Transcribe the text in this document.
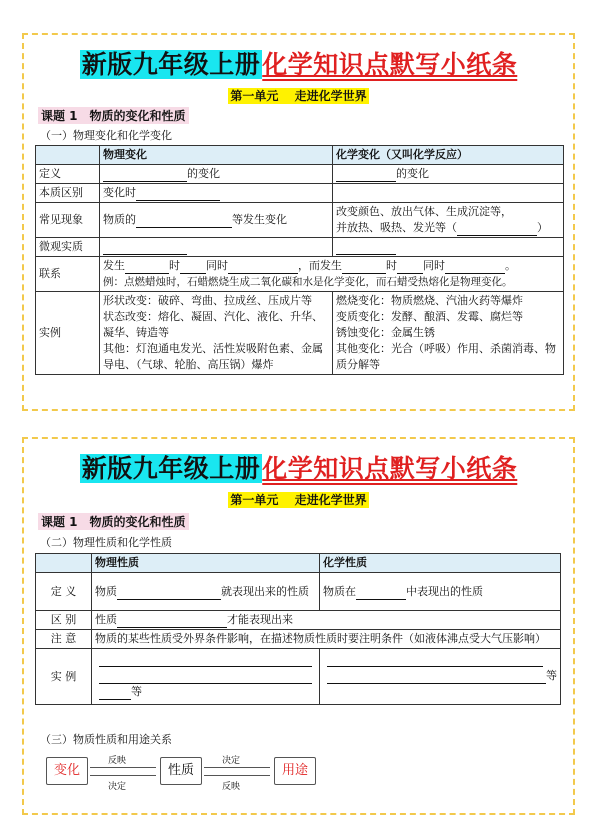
新版九年级上册化学知识点默写小纸条
第一单元　 走进化学世界
课题 1　物质的变化和性质
（一）物理变化和化学变化
	物理变化	化学变化（又叫化学反应）
定义	的变化	的变化
本质区别	变化时	
常见现象	物质的 等发生变化	改变颜色、放出气体、生成沉淀等，
并放热、吸热、发光等（ ）

微观实质		
联系	发生 时 同时 ，而发生 时 同时 。
例：点燃蜡烛时，石蜡燃烧生成二氧化碳和水是化学变化，而石蜡受热熔化是物理变化。	

实例	形状改变：破碎、弯曲、拉成丝、压成片等
状态改变：熔化、凝固、汽化、液化、升华、凝华、铸造等
其他：灯泡通电发光、活性炭吸附色素、金属导电、（气球、轮胎、高压锅）爆炸	燃烧变化：物质燃烧、汽油火药等爆炸
变质变化：发酵、酿酒、发霉、腐烂等
锈蚀变化：金属生锈
其他变化：光合（呼吸）作用、杀菌消毒、物质分解等
新版九年级上册化学知识点默写小纸条
第一单元　 走进化学世界
课题 1　物质的变化和性质
（二）物理性质和化学性质
	物理性质	化学性质
定 义	物质 就表现出来的性质	物质在 中表现出的性质
区 别	性质 才能表现出来	
注 意	物质的某些性质受外界条件影响，在描述物质性质时要注明条件（如液体沸点受大气压影响）	
实 例	等	等
（三）物质性质和用途关系
变化
反映
决定
性质
决定
反映
用途
